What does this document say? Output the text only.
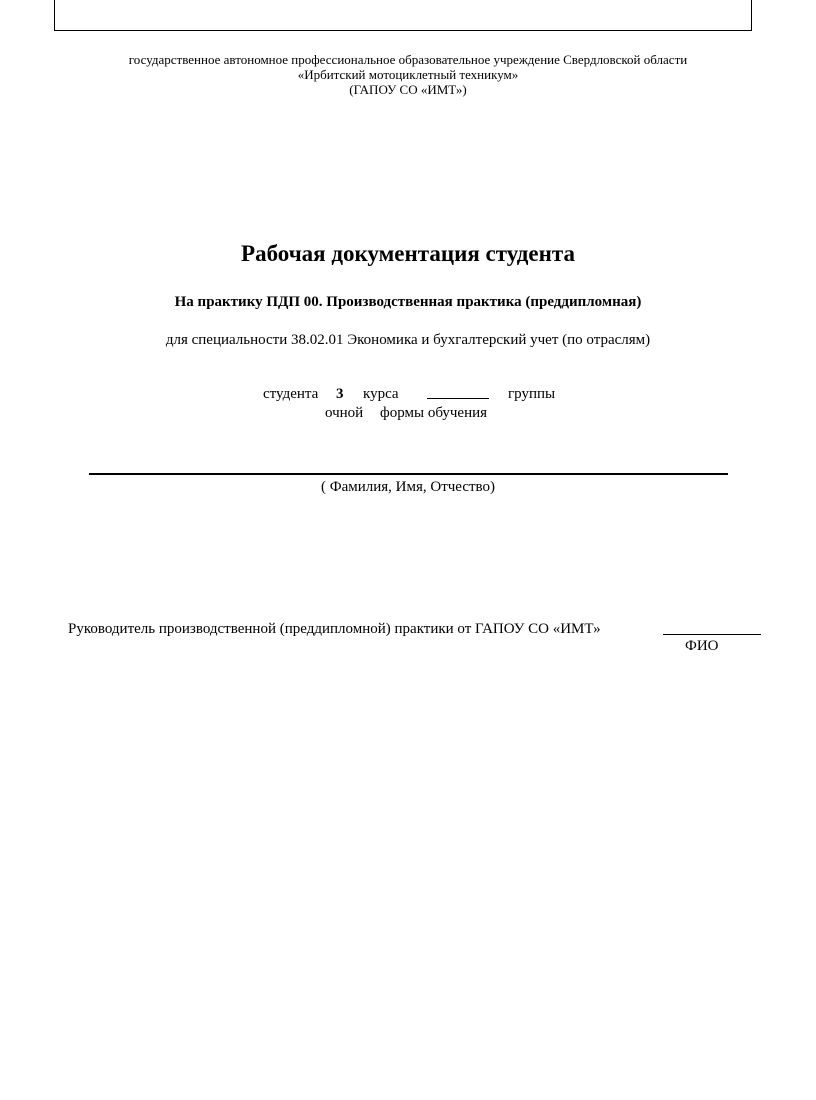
государственное автономное профессиональное образовательное учреждение Свердловской области
«Ирбитский мотоциклетный техникум»
(ГАПОУ СО «ИМТ»)
Рабочая документация студента
На практику ПДП 00. Производственная практика (преддипломная)
для специальности 38.02.01 Экономика и бухгалтерский учет (по отраслям)
студента 3 курса	группы
очной формы обучения
( Фамилия, Имя, Отчество)
Руководитель производственной (преддипломной) практики от ГАПОУ СО «ИМТ»
ФИО
